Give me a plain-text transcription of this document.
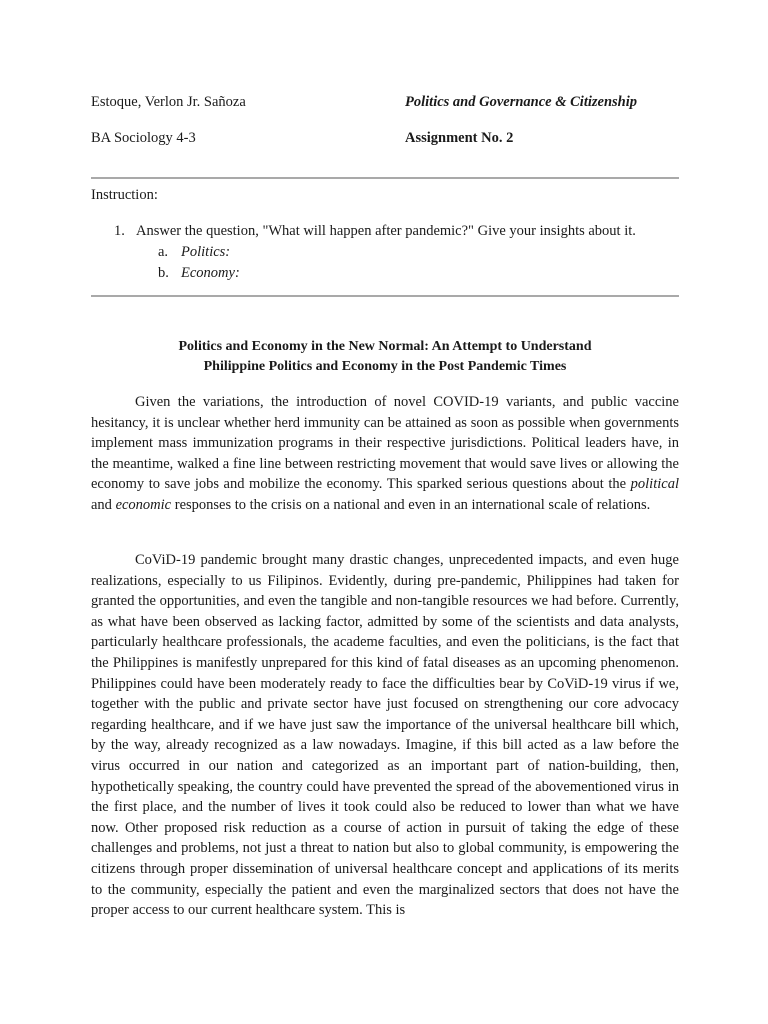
Estoque, Verlon Jr. Sañoza	Politics and Governance & Citizenship
BA Sociology 4-3	Assignment No. 2
Instruction:
1. Answer the question, "What will happen after pandemic?" Give your insights about it.
a. Politics:
b. Economy:
Politics and Economy in the New Normal: An Attempt to Understand
Philippine Politics and Economy in the Post Pandemic Times

Given the variations, the introduction of novel COVID-19 variants, and public vaccine hesitancy, it is unclear whether herd immunity can be attained as soon as possible when governments implement mass immunization programs in their respective jurisdictions. Political leaders have, in the meantime, walked a fine line between restricting movement that would save lives or allowing the economy to save jobs and mobilize the economy. This sparked serious questions about the political and economic responses to the crisis on a national and even in an international scale of relations.

CoViD-19 pandemic brought many drastic changes, unprecedented impacts, and even huge realizations, especially to us Filipinos. Evidently, during pre-pandemic, Philippines had taken for granted the opportunities, and even the tangible and non-tangible resources we had before. Currently, as what have been observed as lacking factor, admitted by some of the scientists and data analysts, particularly healthcare professionals, the academe faculties, and even the politicians, is the fact that the Philippines is manifestly unprepared for this kind of fatal diseases as an upcoming phenomenon. Philippines could have been moderately ready to face the difficulties bear by CoViD-19 virus if we, together with the public and private sector have just focused on strengthening our core advocacy regarding healthcare, and if we have just saw the importance of the universal healthcare bill which, by the way, already recognized as a law nowadays. Imagine, if this bill acted as a law before the virus occurred in our nation and categorized as an important part of nation-building, then, hypothetically speaking, the country could have prevented the spread of the abovementioned virus in the first place, and the number of lives it took could also be reduced to lower than what we have now. Other proposed risk reduction as a course of action in pursuit of taking the edge of these challenges and problems, not just a threat to nation but also to global community, is empowering the citizens through proper dissemination of universal healthcare concept and applications of its merits to the community, especially the patient and even the marginalized sectors that does not have the proper access to our current healthcare system. This is
